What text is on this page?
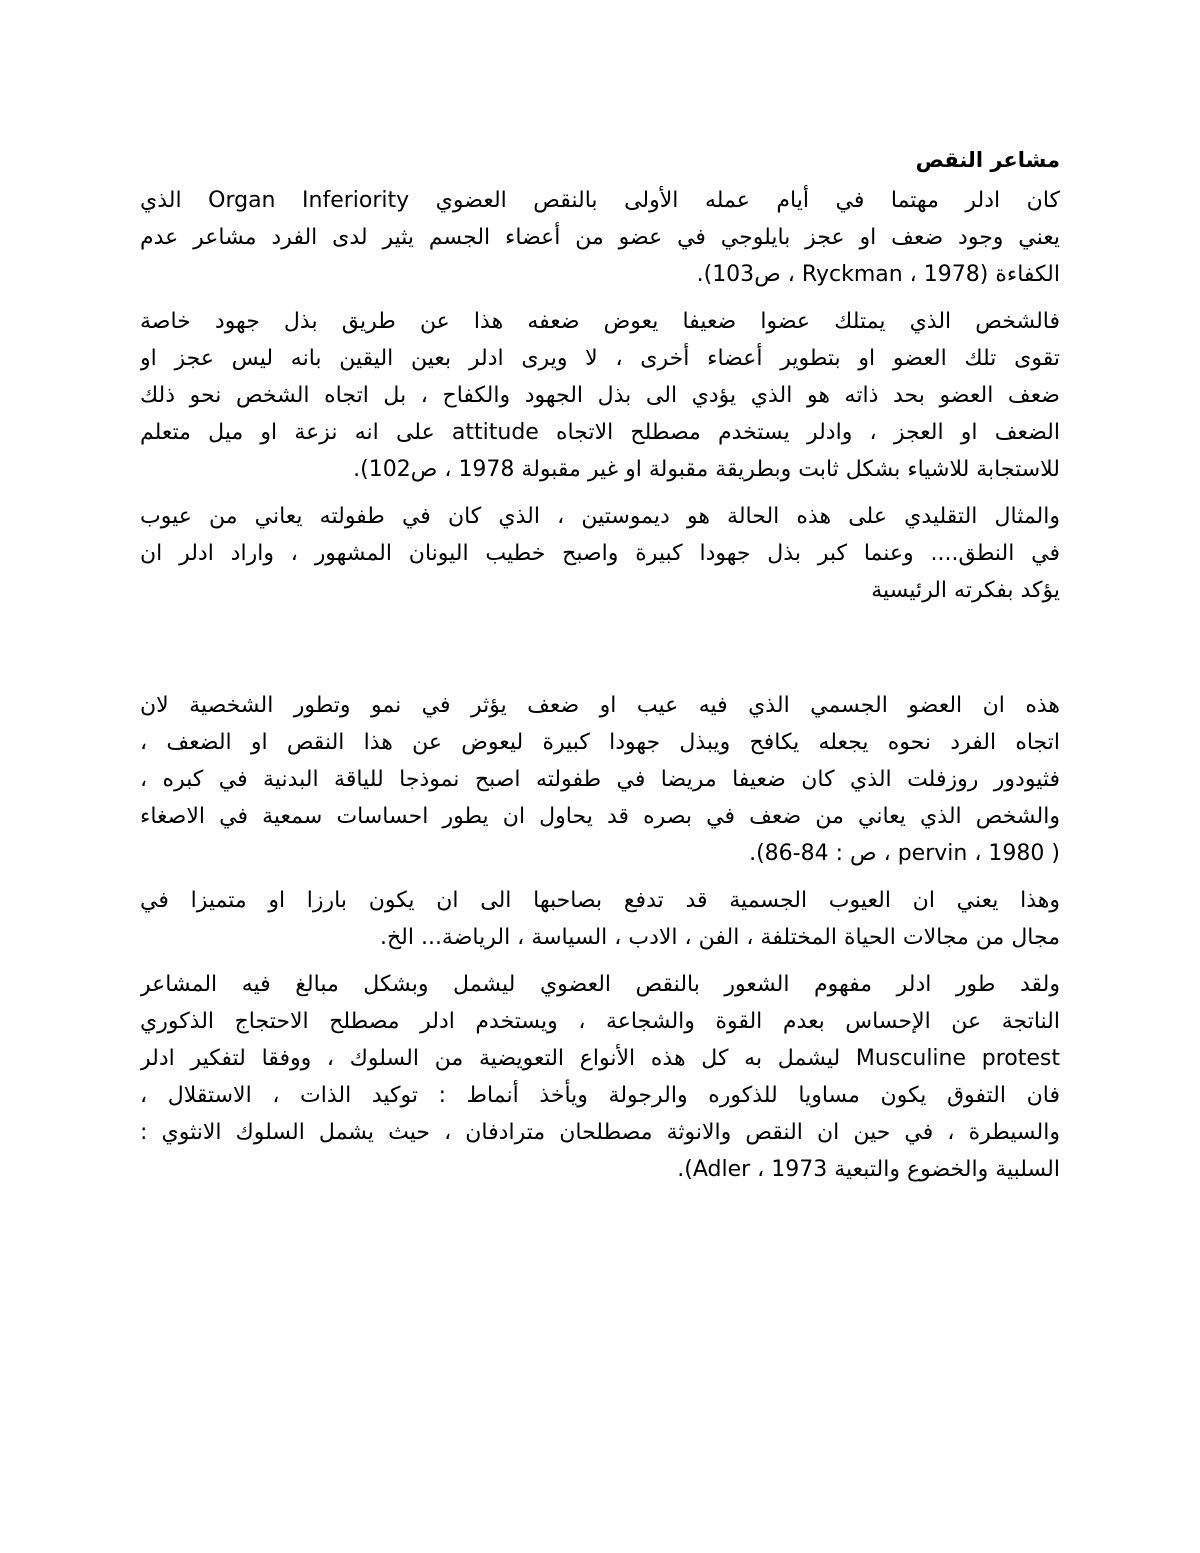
مشاعر النقص
كان ادلر مهتما في أيام عمله الأولى بالنقص العضوي Organ Inferiority الذي
يعني وجود ضعف او عجز بايلوجي في عضو من أعضاء الجسم يثير لدى الفرد مشاعر عدم
الكفاءة (Ryckman ، 1978 ، ص103).
فالشخص الذي يمتلك عضوا ضعيفا يعوض ضعفه هذا عن طريق بذل جهود خاصة
تقوى تلك العضو او بتطوير أعضاء أخرى ، لا ويرى ادلر بعين اليقين بانه ليس عجز او
ضعف العضو بحد ذاته هو الذي يؤدي الى بذل الجهود والكفاح ، بل اتجاه الشخص نحو ذلك
الضعف او العجز ، وادلر يستخدم مصطلح الاتجاه attitude على انه نزعة او ميل متعلم
للاستجابة للاشياء بشكل ثابت وبطريقة مقبولة او غير مقبولة 1978 ، ص102).
والمثال التقليدي على هذه الحالة هو ديموستين ، الذي كان في طفولته يعاني من عيوب
في النطق.... وعنما كبر بذل جهودا كبيرة واصبح خطيب اليونان المشهور ، واراد ادلر ان
يؤكد بفكرته الرئيسية
هذه ان العضو الجسمي الذي فيه عيب او ضعف يؤثر في نمو وتطور الشخصية لان
اتجاه الفرد نحوه يجعله يكافح ويبذل جهودا كبيرة ليعوض عن هذا النقص او الضعف ،
فثيودور روزفلت الذي كان ضعيفا مريضا في طفولته اصبح نموذجا للياقة البدنية في كبره ،
والشخص الذي يعاني من ضعف في بصره قد يحاول ان يطور احساسات سمعية في الاصغاء
( pervin ، 1980 ، ص : 84-86).
وهذا يعني ان العيوب الجسمية قد تدفع بصاحبها الى ان يكون بارزا او متميزا في
مجال من مجالات الحياة المختلفة ، الفن ، الادب ، السياسة ، الرياضة... الخ.
ولقد طور ادلر مفهوم الشعور بالنقص العضوي ليشمل وبشكل مبالغ فيه المشاعر
الناتجة عن الإحساس بعدم القوة والشجاعة ، ويستخدم ادلر مصطلح الاحتجاج الذكوري
Musculine protest ليشمل به كل هذه الأنواع التعويضية من السلوك ، ووفقا لتفكير ادلر
فان التفوق يكون مساويا للذكوره والرجولة ويأخذ أنماط : توكيد الذات ، الاستقلال ،
والسيطرة ، في حين ان النقص والانوثة مصطلحان مترادفان ، حيث يشمل السلوك الانثوي :
السلبية والخضوع والتبعية Adler ، 1973).
